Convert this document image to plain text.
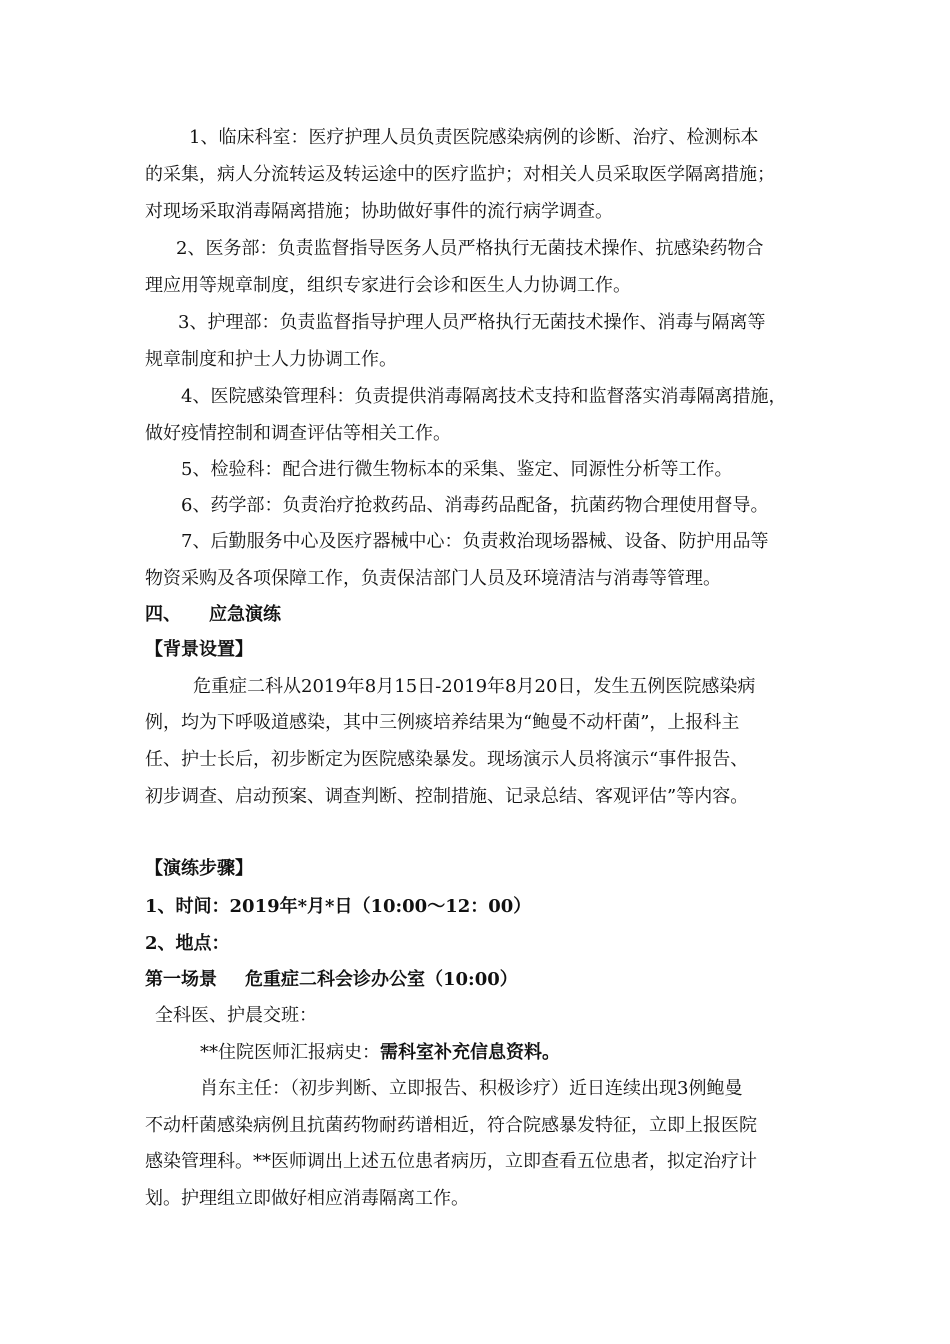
1、临床科室：医疗护理人员负责医院感染病例的诊断、治疗、检测标本
的采集，病人分流转运及转运途中的医疗监护；对相关人员采取医学隔离措施；
对现场采取消毒隔离措施；协助做好事件的流行病学调查。
2、医务部：负责监督指导医务人员严格执行无菌技术操作、抗感染药物合
理应用等规章制度，组织专家进行会诊和医生人力协调工作。
3、护理部：负责监督指导护理人员严格执行无菌技术操作、消毒与隔离等
规章制度和护士人力协调工作。
4、医院感染管理科：负责提供消毒隔离技术支持和监督落实消毒隔离措施，
做好疫情控制和调查评估等相关工作。
5、检验科：配合进行微生物标本的采集、鉴定、同源性分析等工作。
6、药学部：负责治疗抢救药品、消毒药品配备，抗菌药物合理使用督导。
7、后勤服务中心及医疗器械中心：负责救治现场器械、设备、防护用品等
物资采购及各项保障工作，负责保洁部门人员及环境清洁与消毒等管理。
四、 应急演练
【背景设置】
危重症二科从2019年8月15日-2019年8月20日，发生五例医院感染病
例，均为下呼吸道感染，其中三例痰培养结果为“鲍曼不动杆菌”，上报科主
任、护士长后，初步断定为医院感染暴发。现场演示人员将演示“事件报告、
初步调查、启动预案、调查判断、控制措施、记录总结、客观评估”等内容。
【演练步骤】
1、时间：2019年*月*日（10:00～12：00）
2、地点：
第一场景 危重症二科会诊办公室（10:00）
全科医、护晨交班：
**住院医师汇报病史：需科室补充信息资料。
肖东主任：（初步判断、立即报告、积极诊疗）近日连续出现3例鲍曼
不动杆菌感染病例且抗菌药物耐药谱相近，符合院感暴发特征，立即上报医院
感染管理科。**医师调出上述五位患者病历，立即查看五位患者，拟定治疗计
划。护理组立即做好相应消毒隔离工作。
